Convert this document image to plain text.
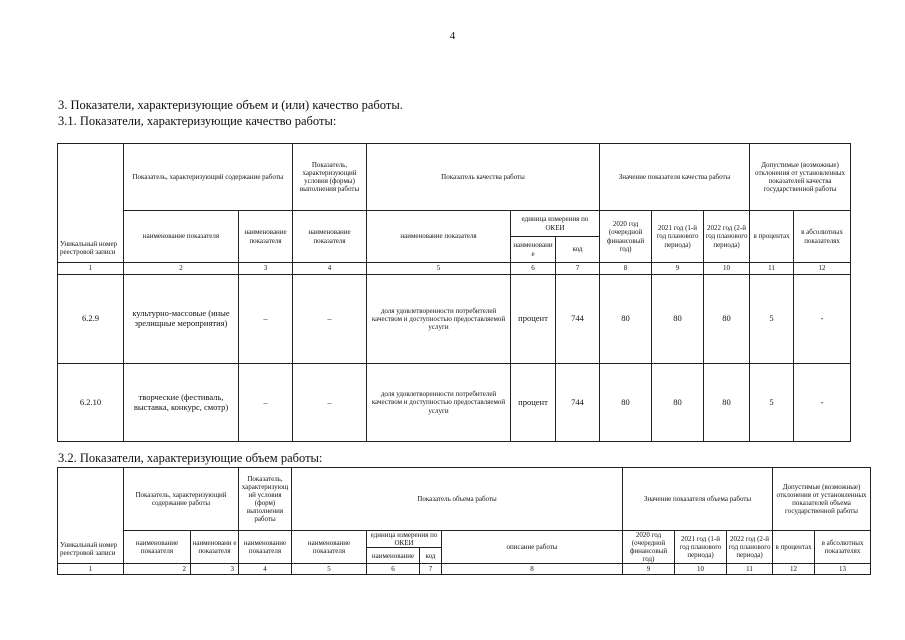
4
3. Показатели, характеризующие объем и (или) качество работы.
3.1. Показатели, характеризующие качество работы:
Уникальный номер реестровой записи	Показатель, характеризующий содержание работы		Показатель, характеризующий условия (формы) выполнения работы	Показатель качества работы			Значение показателя качества работы			Допустимые (возможные) отклонения от установленных показателей качества государственной работы	
	наименование показателя	наименование показателя	наименование показателя	наименование показателя	единица измерения по ОКЕИ		2020 год (очередной финансовый год)	2021 год (1-й год планового периода)	2022 год (2-й год планового периода)	в процентах	в абсолютных показателях
					наименовани е	код					
1	2	3	4	5	6	7	8	9	10	11	12
6.2.9	культурно-массовые (иные зрелищные мероприятия)	–	–	доля удовлетворенности потребителей качеством и доступностью предоставляемой услуги	процент	744	80	80	80	5	-
6.2.10	творческие (фестиваль, выставка, конкурс, смотр)	–	–	доля удовлетворенности потребителей качеством и доступностью предоставляемой услуги	процент	744	80	80	80	5	-
3.2. Показатели, характеризующие объем работы:
Уникальный номер реестровой записи	Показатель, характеризующий содержание работы		Показатель, характеризующ ий условия (форм) выполнения работы	Показатель объема работы				Значение показателя объема работы			Допустимые (возможные) отклонения от установленных показателей объема государственной работы	
	наименование показателя	наименовани е показателя	наименование показателя	наименование показателя	единица измерения по ОКЕИ		описание работы	2020 год (очередной финансовый год)	2021 год (1-й год планового периода)	2022 год (2-й год планового периода)	в процентах	в абсолютных показателях
					наименование	код						
1	2	3	4	5	6	7	8	9	10	11	12	13
